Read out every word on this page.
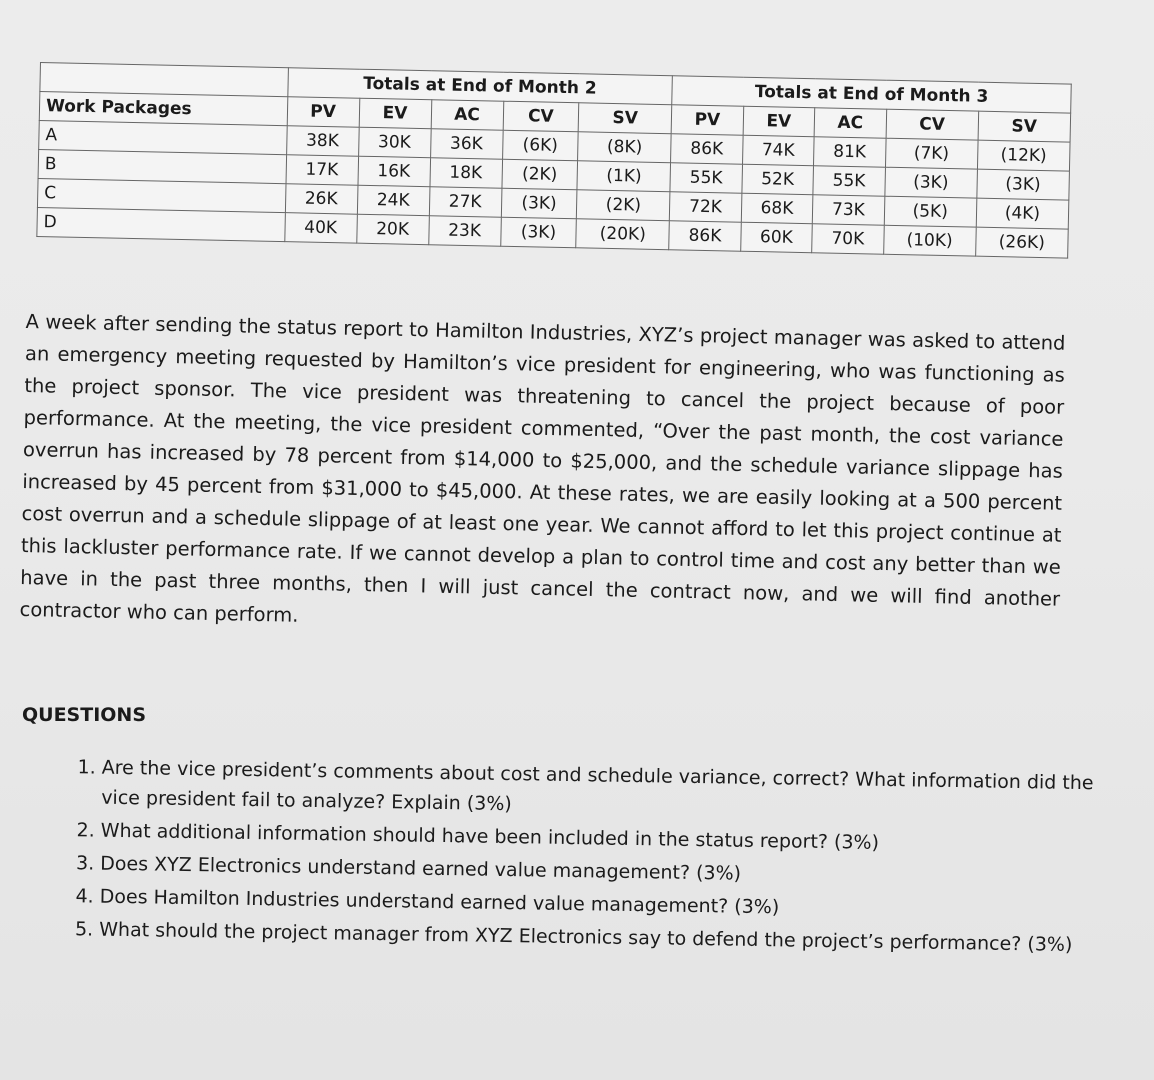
	Totals at End of Month 2					Totals at End of Month 3				
Work Packages	PV	EV	AC	CV	SV	PV	EV	AC	CV	SV
A	38K	30K	36K	(6K)	(8K)	86K	74K	81K	(7K)	(12K)
B	17K	16K	18K	(2K)	(1K)	55K	52K	55K	(3K)	(3K)
C	26K	24K	27K	(3K)	(2K)	72K	68K	73K	(5K)	(4K)
D	40K	20K	23K	(3K)	(20K)	86K	60K	70K	(10K)	(26K)

A week after sending the status report to Hamilton Industries, XYZ’s project manager was asked to attend an emergency meeting requested by Hamilton’s vice president for engineering, who was functioning as the project sponsor. The vice president was threatening to cancel the project because of poor performance. At the meeting, the vice president commented, “Over the past month, the cost variance overrun has increased by 78 percent from $14,000 to $25,000, and the schedule variance slippage has increased by 45 percent from $31,000 to $45,000. At these rates, we are easily looking at a 500 percent cost overrun and a schedule slippage of at least one year. We cannot afford to let this project continue at this lackluster performance rate. If we cannot develop a plan to control time and cost any better than we have in the past three months, then I will just cancel the contract now, and we will find another contractor who can perform.

QUESTIONS
1. Are the vice president’s comments about cost and schedule variance, correct? What information did the vice president fail to analyze? Explain (3%)
2. What additional information should have been included in the status report? (3%)
3. Does XYZ Electronics understand earned value management? (3%)
4. Does Hamilton Industries understand earned value management? (3%)
5. What should the project manager from XYZ Electronics say to defend the project’s performance? (3%)
